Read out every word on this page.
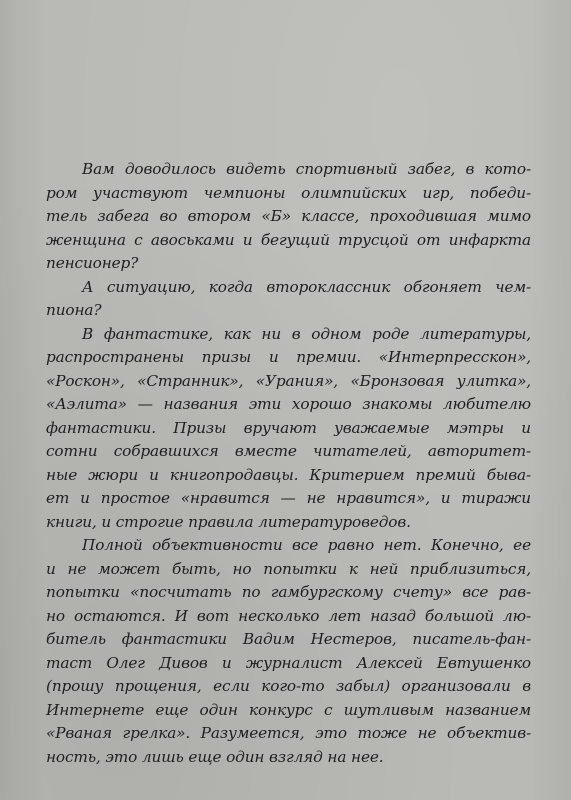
Вам доводилось видеть спортивный забег, в кото-
ром участвуют чемпионы олимпийских игр, победи-
тель забега во втором «Б» классе, проходившая мимо
женщина с авоськами и бегущий трусцой от инфаркта
пенсионер?

А ситуацию, когда второклассник обгоняет чем-
пиона?

В фантастике, как ни в одном роде литературы,
распространены призы и премии. «Интерпресскон»,
«Роскон», «Странник», «Урания», «Бронзовая улитка»,
«Аэлита» — названия эти хорошо знакомы любителю
фантастики. Призы вручают уважаемые мэтры и
сотни собравшихся вместе читателей, авторитет-
ные жюри и книгопродавцы. Критерием премий быва-
ет и простое «нравится — не нравится», и тиражи
книги, и строгие правила литературоведов.

Полной объективности все равно нет. Конечно, ее
и не может быть, но попытки к ней приблизиться,
попытки «посчитать по гамбургскому счету» все рав-
но остаются. И вот несколько лет назад большой лю-
битель фантастики Вадим Нестеров, писатель-фан-
таст Олег Дивов и журналист Алексей Евтушенко
(прошу прощения, если кого-то забыл) организовали в
Интернете еще один конкурс с шутливым названием
«Рваная грелка». Разумеется, это тоже не объектив-
ность, это лишь еще один взгляд на нее.
